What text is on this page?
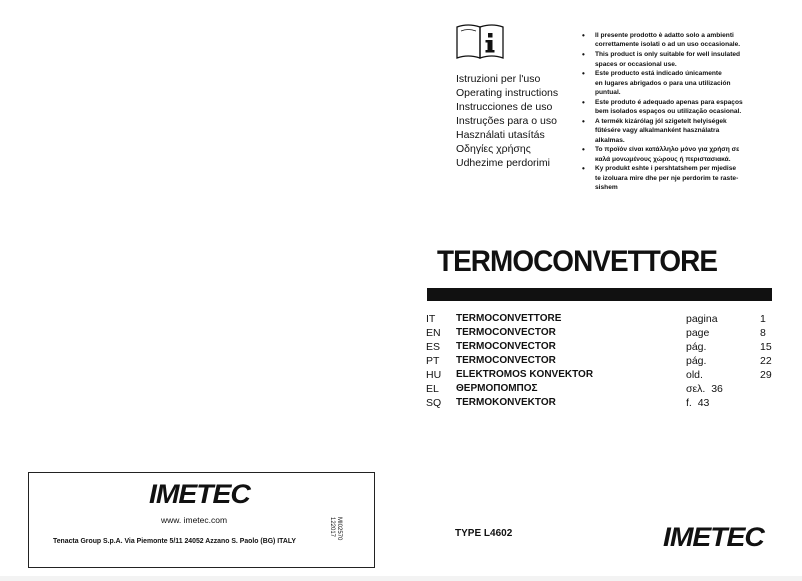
Istruzioni per l'uso
Operating instructions
Instrucciones de uso
Instruções para o uso
Használati utasítás
Οδηγίες χρήσης
Udhezime perdorimi
• Il presente prodotto è adatto solo a ambienti
correttamente isolati o ad un uso occasionale.
• This product is only suitable for well insulated
spaces or occasional use.
• Este producto está indicado únicamente
en lugares abrigados o para una utilización
puntual.
• Este produto é adequado apenas para espaços
bem isolados espaços ou utilização ocasional.
• A termék kizárólag jól szigetelt helyiségek
fűtésére vagy alkalmanként használatra
alkalmas.
• Το προϊόν είναι κατάλληλο μόνο για χρήση σε
καλά μονωμένους χώρους ή περιστασιακά.
• Ky produkt eshte i pershtatshem per mjedise
te izoluara mire dhe per nje perdorim te raste-
sishem
TERMOCONVETTORE
IT TERMOCONVETTORE	pagina	1
EN TERMOCONVECTOR	page	8
ES TERMOCONVECTOR	pág.	15
PT TERMOCONVECTOR	pág.	22
HU ELEKTROMOS KONVEKTOR	old.	29
EL ΘΕΡΜΟΠΟΜΠΟΣ	σελ. 36
SQ TERMOKONVEKTOR	f. 43
IMETEC
www. imetec.com
Tenacta Group S.p.A. Via Piemonte 5/11 24052 Azzano S. Paolo (BG) ITALY
MI02570
122017	TYPE L4602	IMETEC
